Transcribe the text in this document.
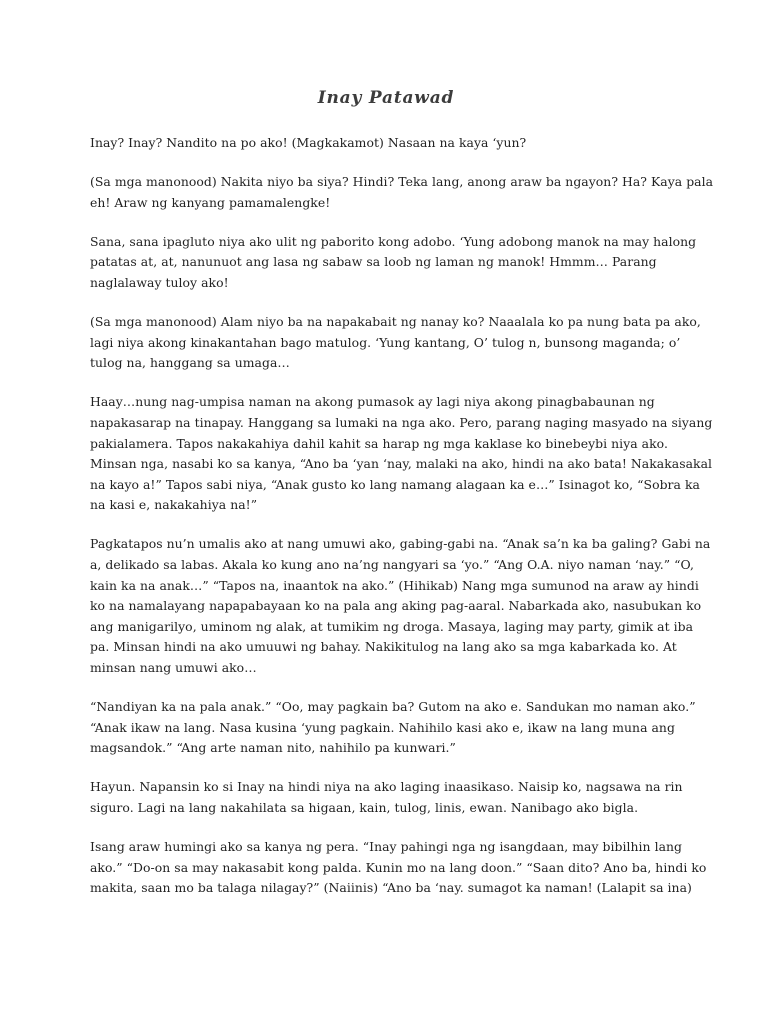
Inay Patawad

Inay? Inay? Nandito na po ako! (Magkakamot) Nasaan na kaya ‘yun?

(Sa mga manonood) Nakita niyo ba siya? Hindi? Teka lang, anong araw ba ngayon? Ha? Kaya pala
eh! Araw ng kanyang pamamalengke!

Sana, sana ipagluto niya ako ulit ng paborito kong adobo. ‘Yung adobong manok na may halong
patatas at, at, nanunuot ang lasa ng sabaw sa loob ng laman ng manok! Hmmm… Parang
naglalaway tuloy ako!

(Sa mga manonood) Alam niyo ba na napakabait ng nanay ko? Naaalala ko pa nung bata pa ako,
lagi niya akong kinakantahan bago matulog. ‘Yung kantang, O’ tulog n, bunsong maganda; o’
tulog na, hanggang sa umaga…

Haay…nung nag-umpisa naman na akong pumasok ay lagi niya akong pinagbabaunan ng
napakasarap na tinapay. Hanggang sa lumaki na nga ako. Pero, parang naging masyado na siyang
pakialamera. Tapos nakakahiya dahil kahit sa harap ng mga kaklase ko binebeybi niya ako.
Minsan nga, nasabi ko sa kanya, “Ano ba ‘yan ‘nay, malaki na ako, hindi na ako bata! Nakakasakal
na kayo a!” Tapos sabi niya, “Anak gusto ko lang namang alagaan ka e…” Isinagot ko, “Sobra ka
na kasi e, nakakahiya na!”

Pagkatapos nu’n umalis ako at nang umuwi ako, gabing-gabi na. “Anak sa’n ka ba galing? Gabi na
a, delikado sa labas. Akala ko kung ano na’ng nangyari sa ‘yo.” “Ang O.A. niyo naman ‘nay.” “O,
kain ka na anak…” “Tapos na, inaantok na ako.” (Hihikab) Nang mga sumunod na araw ay hindi
ko na namalayang napapabayaan ko na pala ang aking pag-aaral. Nabarkada ako, nasubukan ko
ang manigarilyo, uminom ng alak, at tumikim ng droga. Masaya, laging may party, gimik at iba
pa. Minsan hindi na ako umuuwi ng bahay. Nakikitulog na lang ako sa mga kabarkada ko. At
minsan nang umuwi ako…

“Nandiyan ka na pala anak.” “Oo, may pagkain ba? Gutom na ako e. Sandukan mo naman ako.”
“Anak ikaw na lang. Nasa kusina ‘yung pagkain. Nahihilo kasi ako e, ikaw na lang muna ang
magsandok.” “Ang arte naman nito, nahihilo pa kunwari.”

Hayun. Napansin ko si Inay na hindi niya na ako laging inaasikaso. Naisip ko, nagsawa na rin
siguro. Lagi na lang nakahilata sa higaan, kain, tulog, linis, ewan. Nanibago ako bigla.

Isang araw humingi ako sa kanya ng pera. “Inay pahingi nga ng isangdaan, may bibilhin lang
ako.” “Do-on sa may nakasabit kong palda. Kunin mo na lang doon.” “Saan dito? Ano ba, hindi ko
makita, saan mo ba talaga nilagay?” (Naiinis) “Ano ba ‘nay. sumagot ka naman! (Lalapit sa ina)
